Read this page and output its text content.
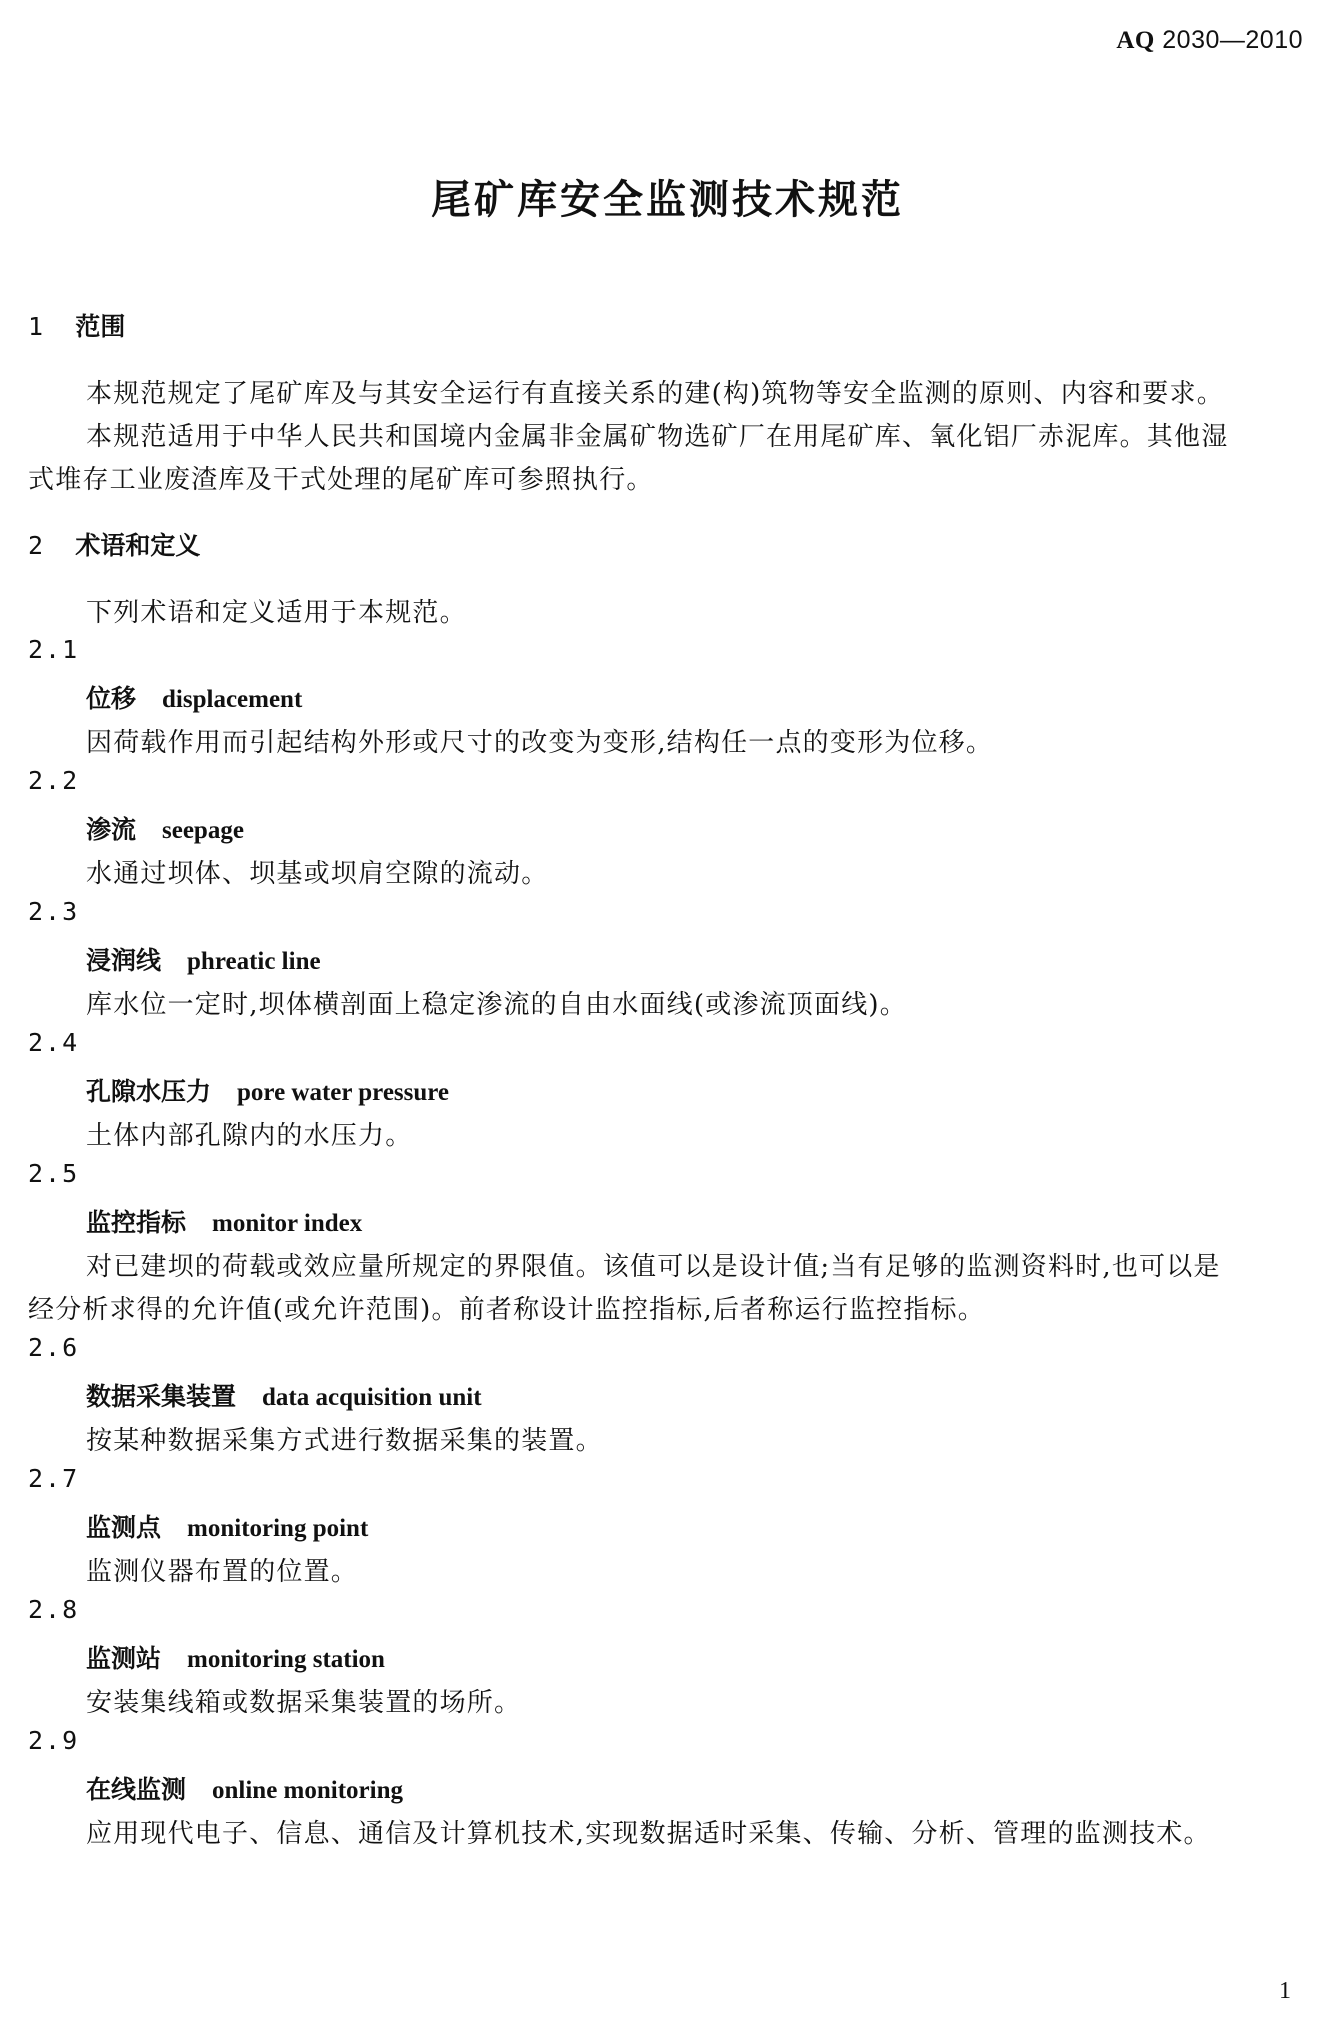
AQ 2030—2010
尾矿库安全监测技术规范
1 范围
本规范规定了尾矿库及与其安全运行有直接关系的建(构)筑物等安全监测的原则、内容和要求。
本规范适用于中华人民共和国境内金属非金属矿物选矿厂在用尾矿库、氧化铝厂赤泥库。其他湿
式堆存工业废渣库及干式处理的尾矿库可参照执行。
2 术语和定义
下列术语和定义适用于本规范。
2.1
位移 displacement
因荷载作用而引起结构外形或尺寸的改变为变形,结构任一点的变形为位移。
2.2
渗流 seepage
水通过坝体、坝基或坝肩空隙的流动。
2.3
浸润线 phreatic line
库水位一定时,坝体横剖面上稳定渗流的自由水面线(或渗流顶面线)。
2.4
孔隙水压力 pore water pressure
土体内部孔隙内的水压力。
2.5
监控指标 monitor index
对已建坝的荷载或效应量所规定的界限值。该值可以是设计值;当有足够的监测资料时,也可以是
经分析求得的允许值(或允许范围)。前者称设计监控指标,后者称运行监控指标。
2.6
数据采集装置 data acquisition unit
按某种数据采集方式进行数据采集的装置。
2.7
监测点 monitoring point
监测仪器布置的位置。
2.8
监测站 monitoring station
安装集线箱或数据采集装置的场所。
2.9
在线监测 online monitoring
应用现代电子、信息、通信及计算机技术,实现数据适时采集、传输、分析、管理的监测技术。
1
